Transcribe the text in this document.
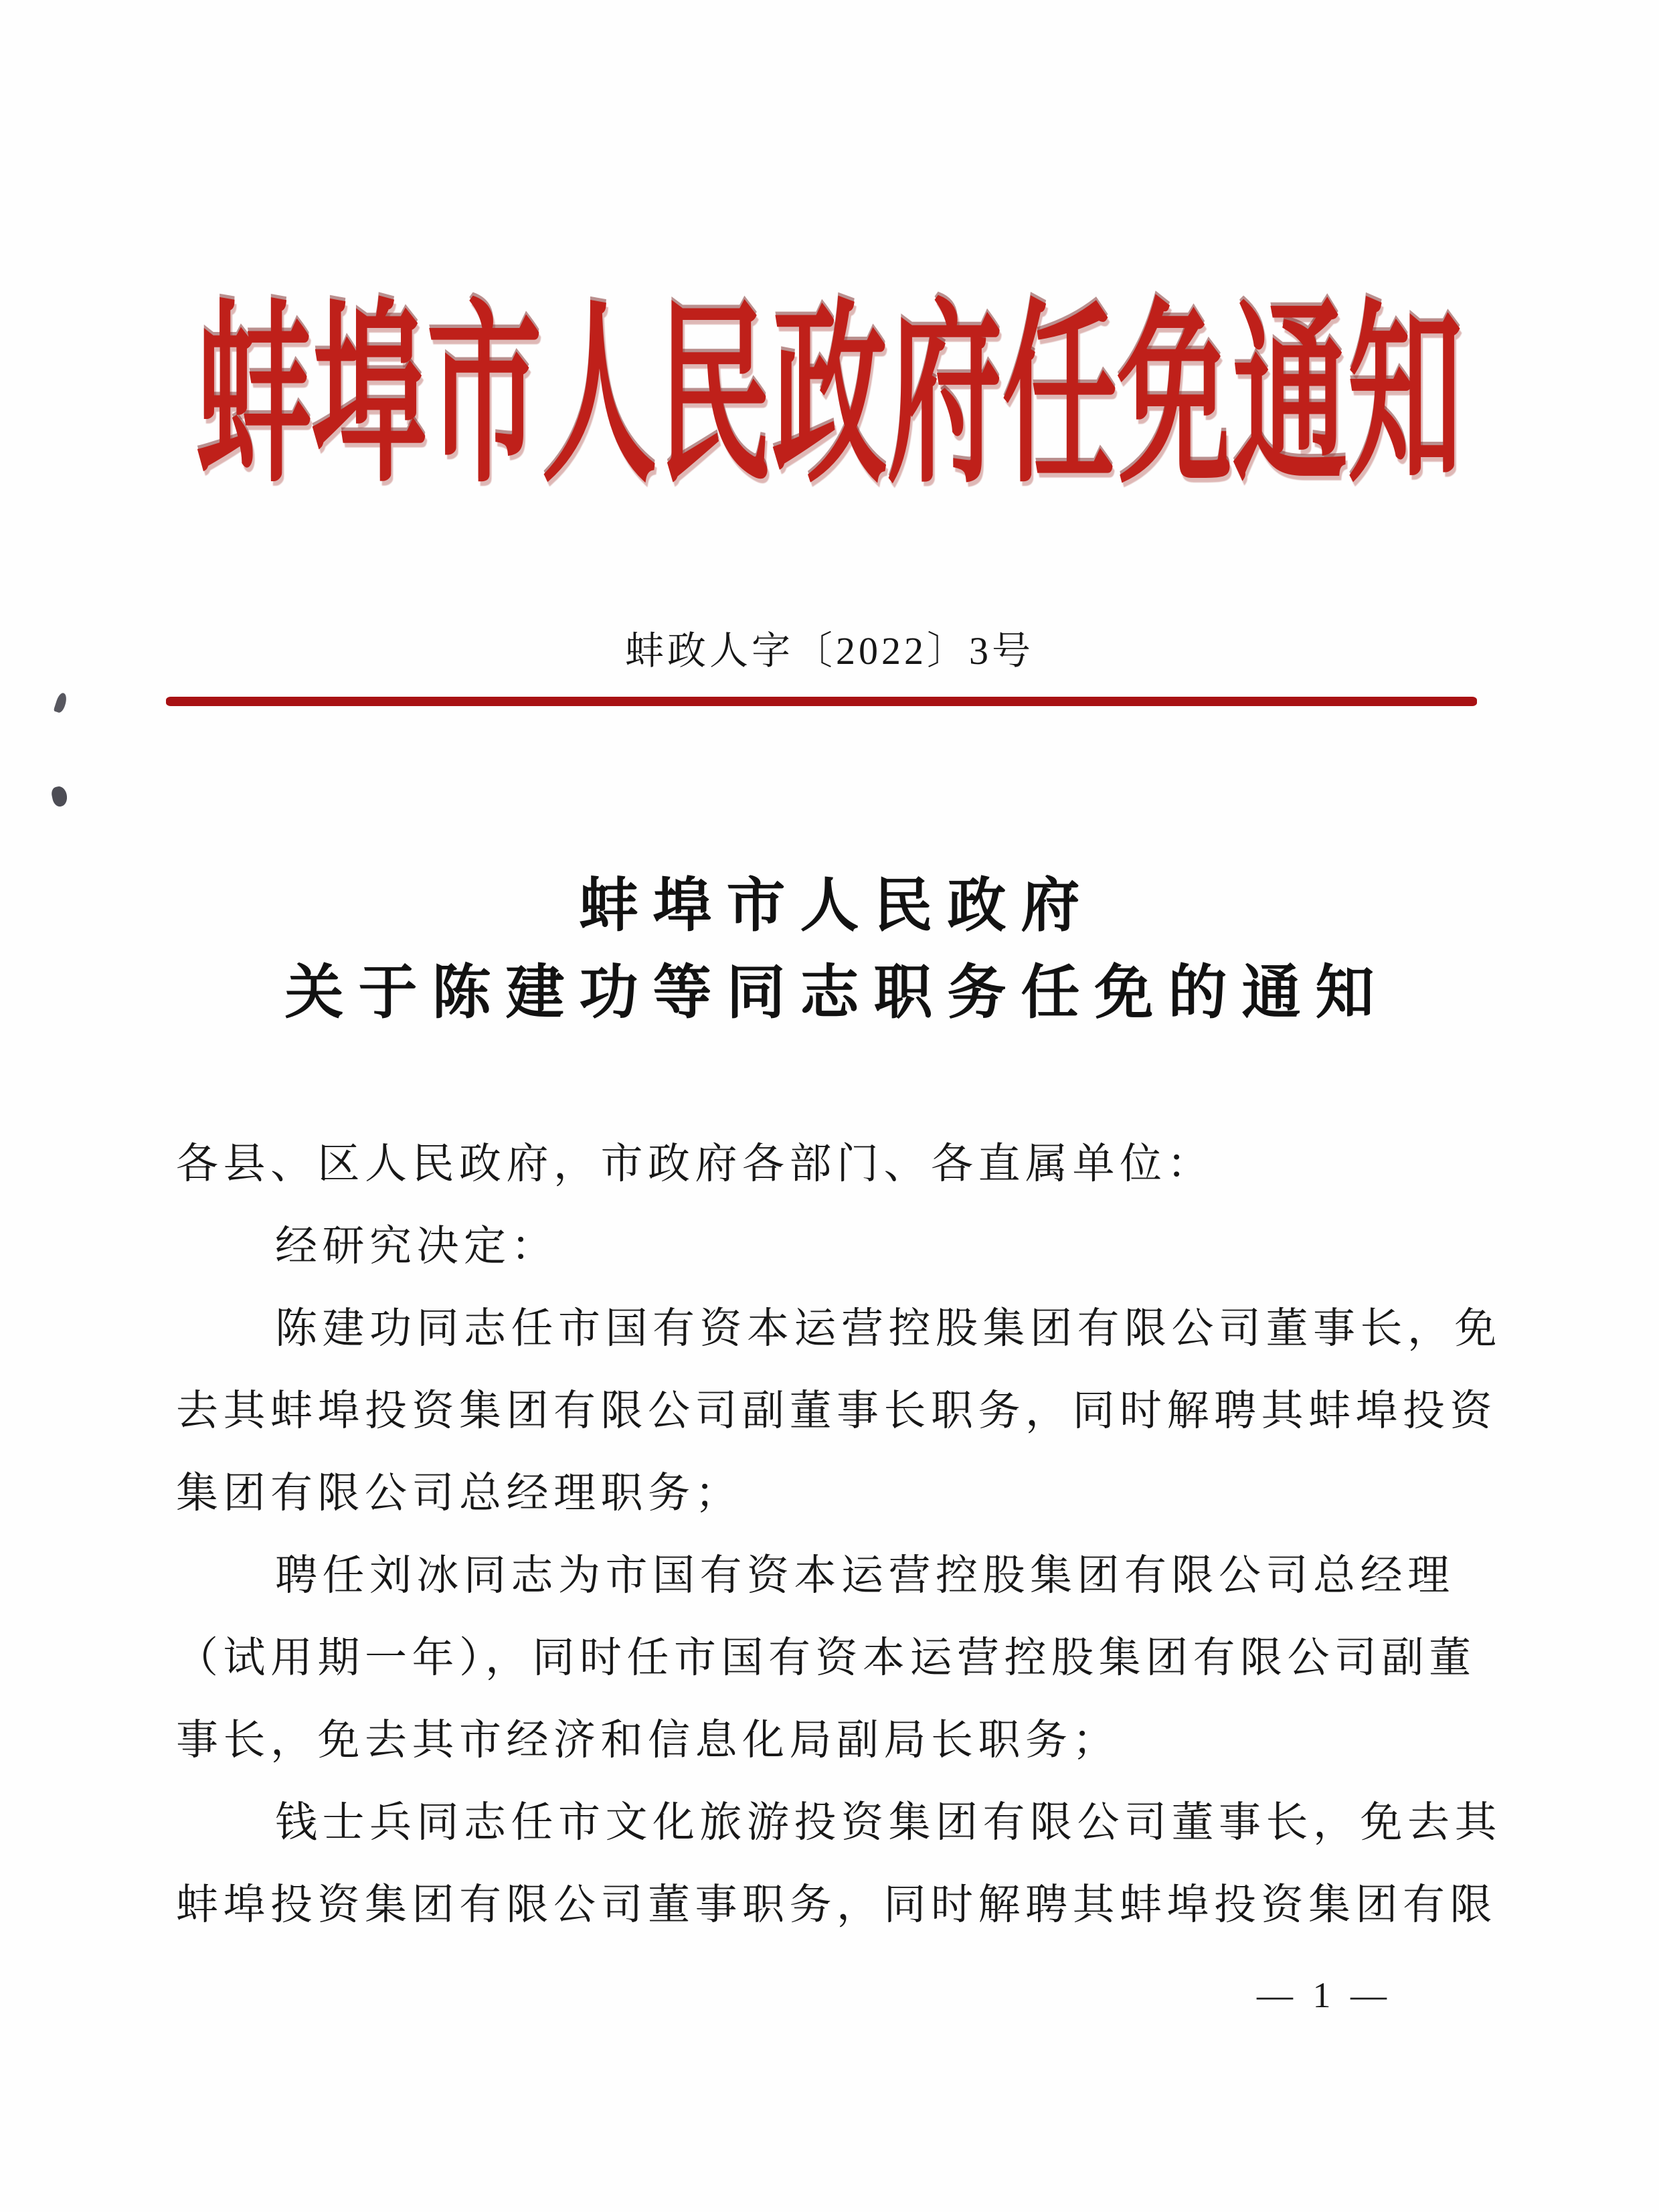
蚌埠市人民政府任免通知
蚌政人字〔2022〕3号
蚌埠市人民政府
关于陈建功等同志职务任免的通知
各县、区人民政府，市政府各部门、各直属单位：
经研究决定：
陈建功同志任市国有资本运营控股集团有限公司董事长，免
去其蚌埠投资集团有限公司副董事长职务，同时解聘其蚌埠投资
集团有限公司总经理职务；
聘任刘冰同志为市国有资本运营控股集团有限公司总经理
（试用期一年），同时任市国有资本运营控股集团有限公司副董
事长，免去其市经济和信息化局副局长职务；
钱士兵同志任市文化旅游投资集团有限公司董事长，免去其
蚌埠投资集团有限公司董事职务，同时解聘其蚌埠投资集团有限
— 1 —
